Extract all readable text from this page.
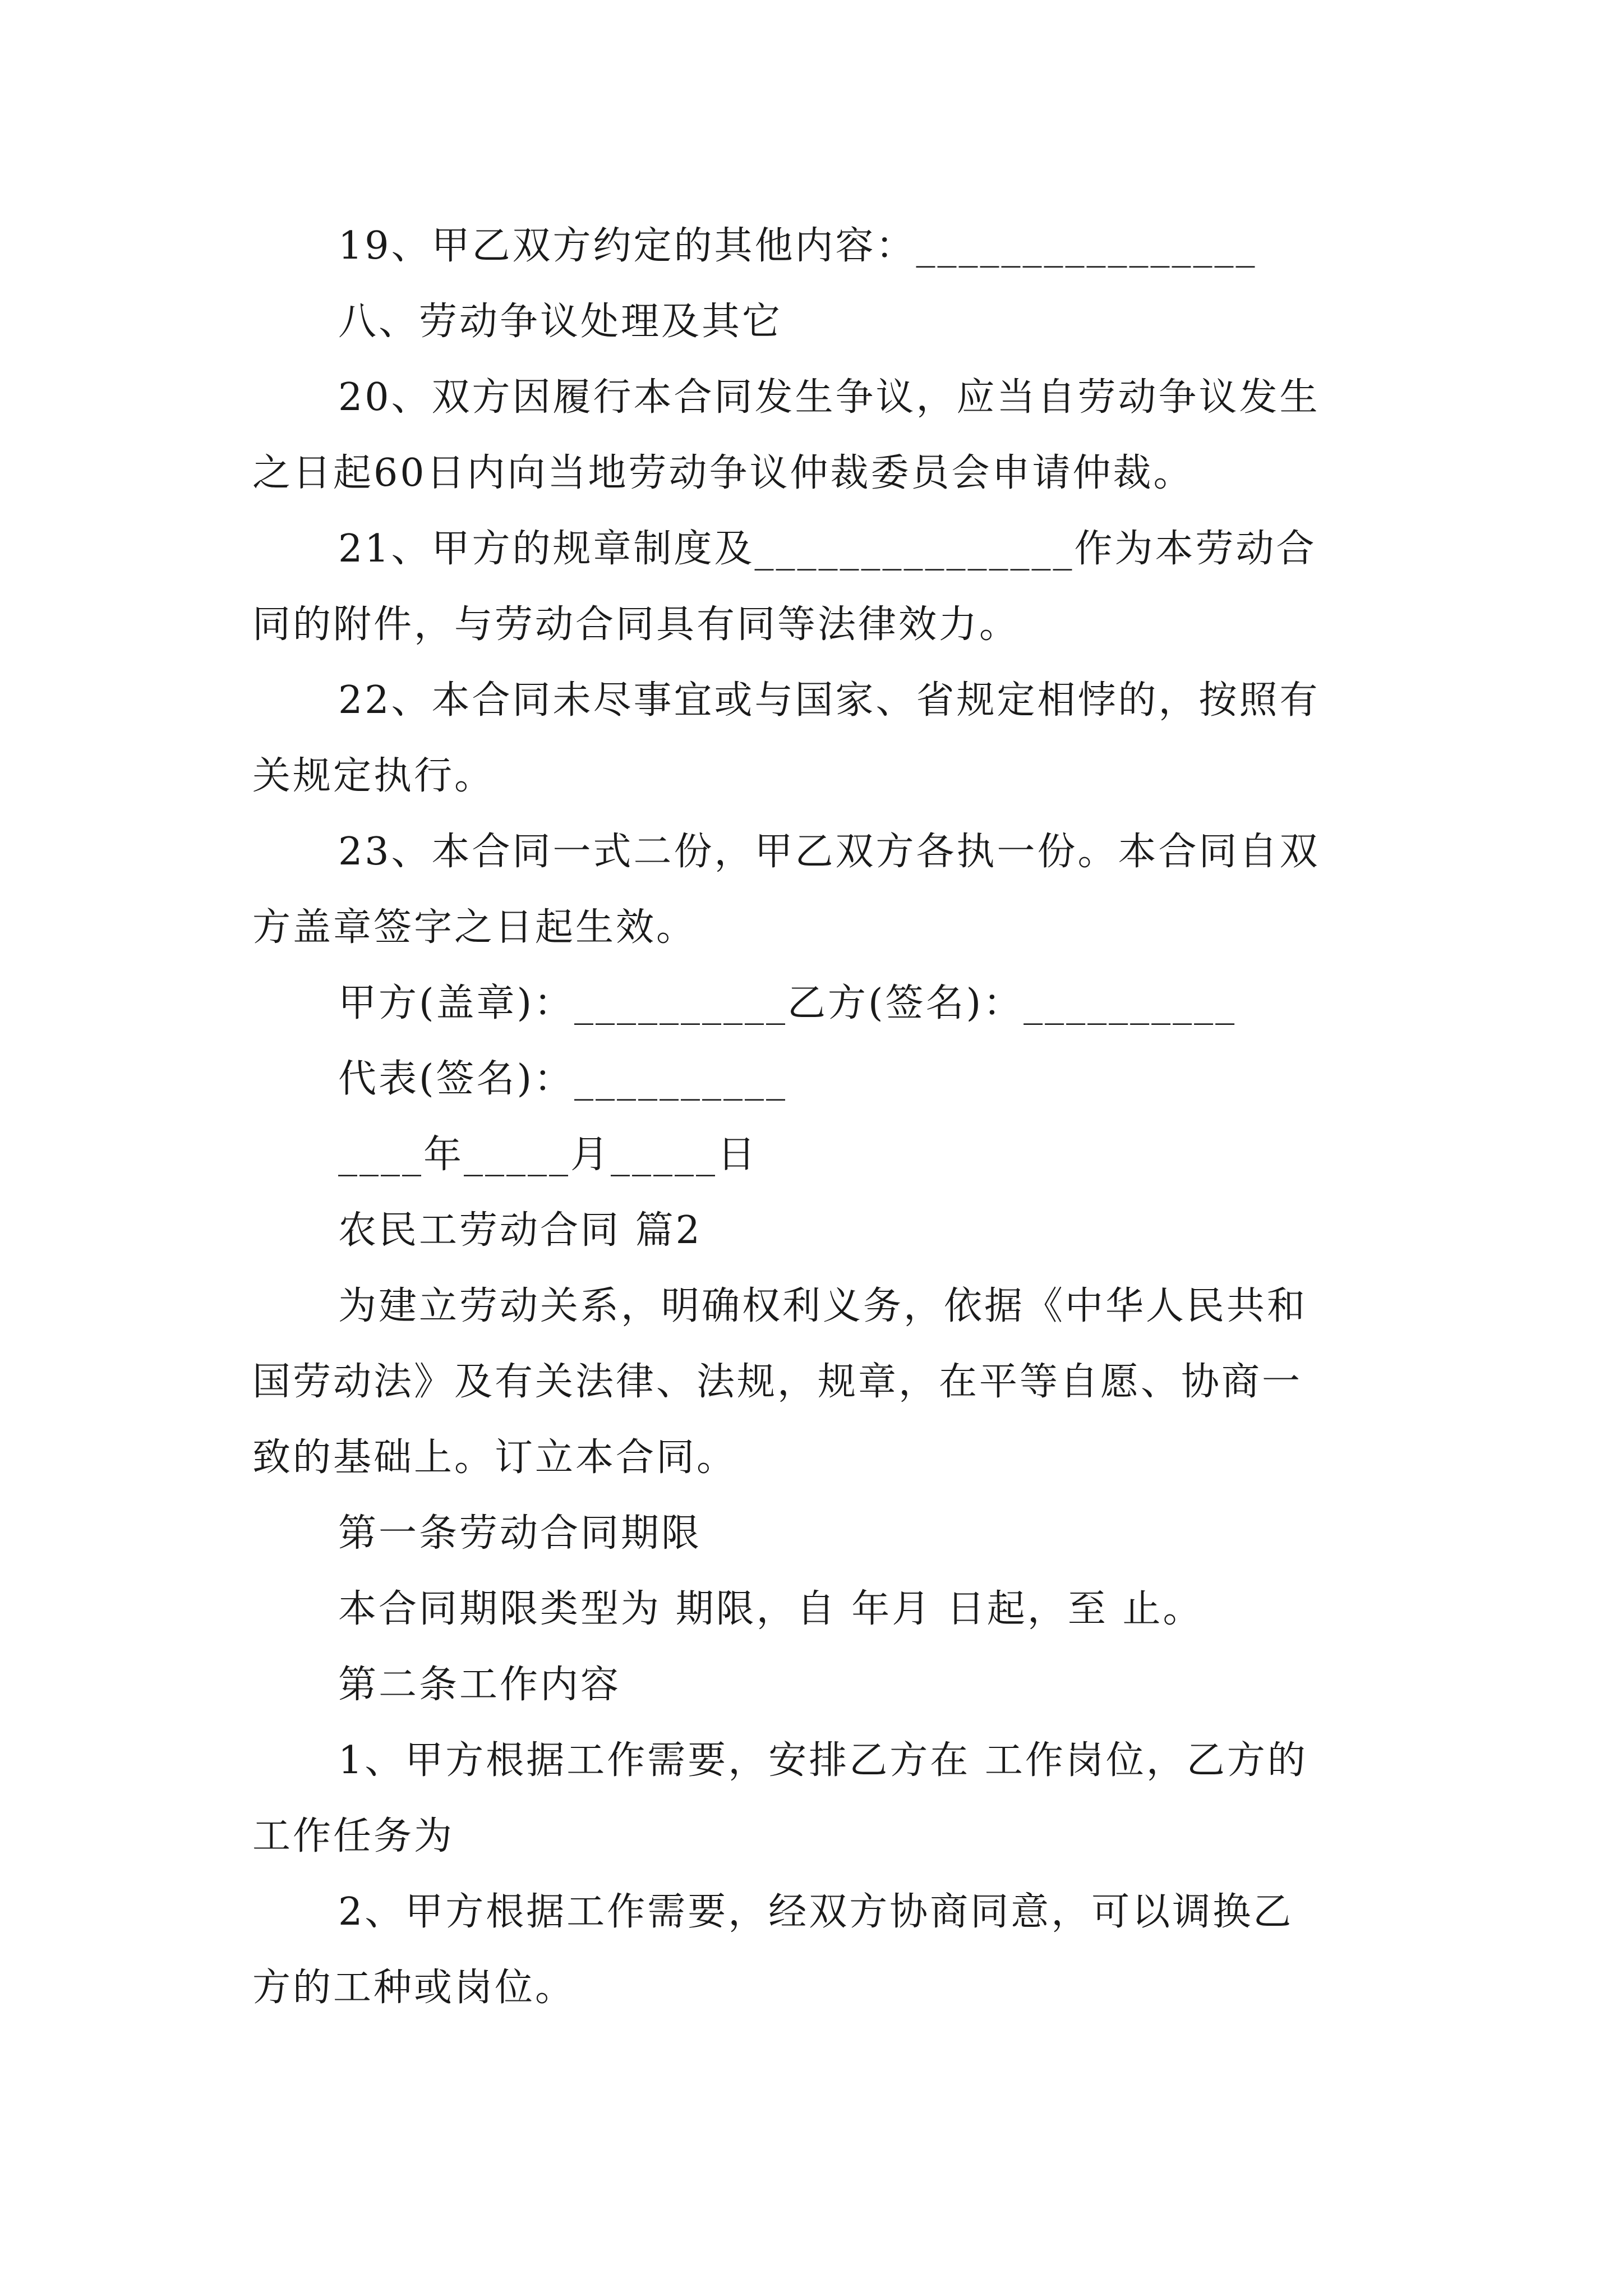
19、甲乙双方约定的其他内容：________________
八、劳动争议处理及其它
20、双方因履行本合同发生争议，应当自劳动争议发生
之日起60日内向当地劳动争议仲裁委员会申请仲裁。
21、甲方的规章制度及_______________作为本劳动合
同的附件，与劳动合同具有同等法律效力。
22、本合同未尽事宜或与国家、省规定相悖的，按照有
关规定执行。
23、本合同一式二份，甲乙双方各执一份。本合同自双
方盖章签字之日起生效。
甲方(盖章)：__________乙方(签名)：__________
代表(签名)：__________
____年_____月_____日
农民工劳动合同 篇2
为建立劳动关系，明确权利义务，依据《中华人民共和
国劳动法》及有关法律、法规，规章，在平等自愿、协商一
致的基础上。订立本合同。
第一条劳动合同期限
本合同期限类型为 期限，自 年月 日起，至 止。
第二条工作内容
1、甲方根据工作需要，安排乙方在 工作岗位，乙方的
工作任务为
2、甲方根据工作需要，经双方协商同意，可以调换乙
方的工种或岗位。
